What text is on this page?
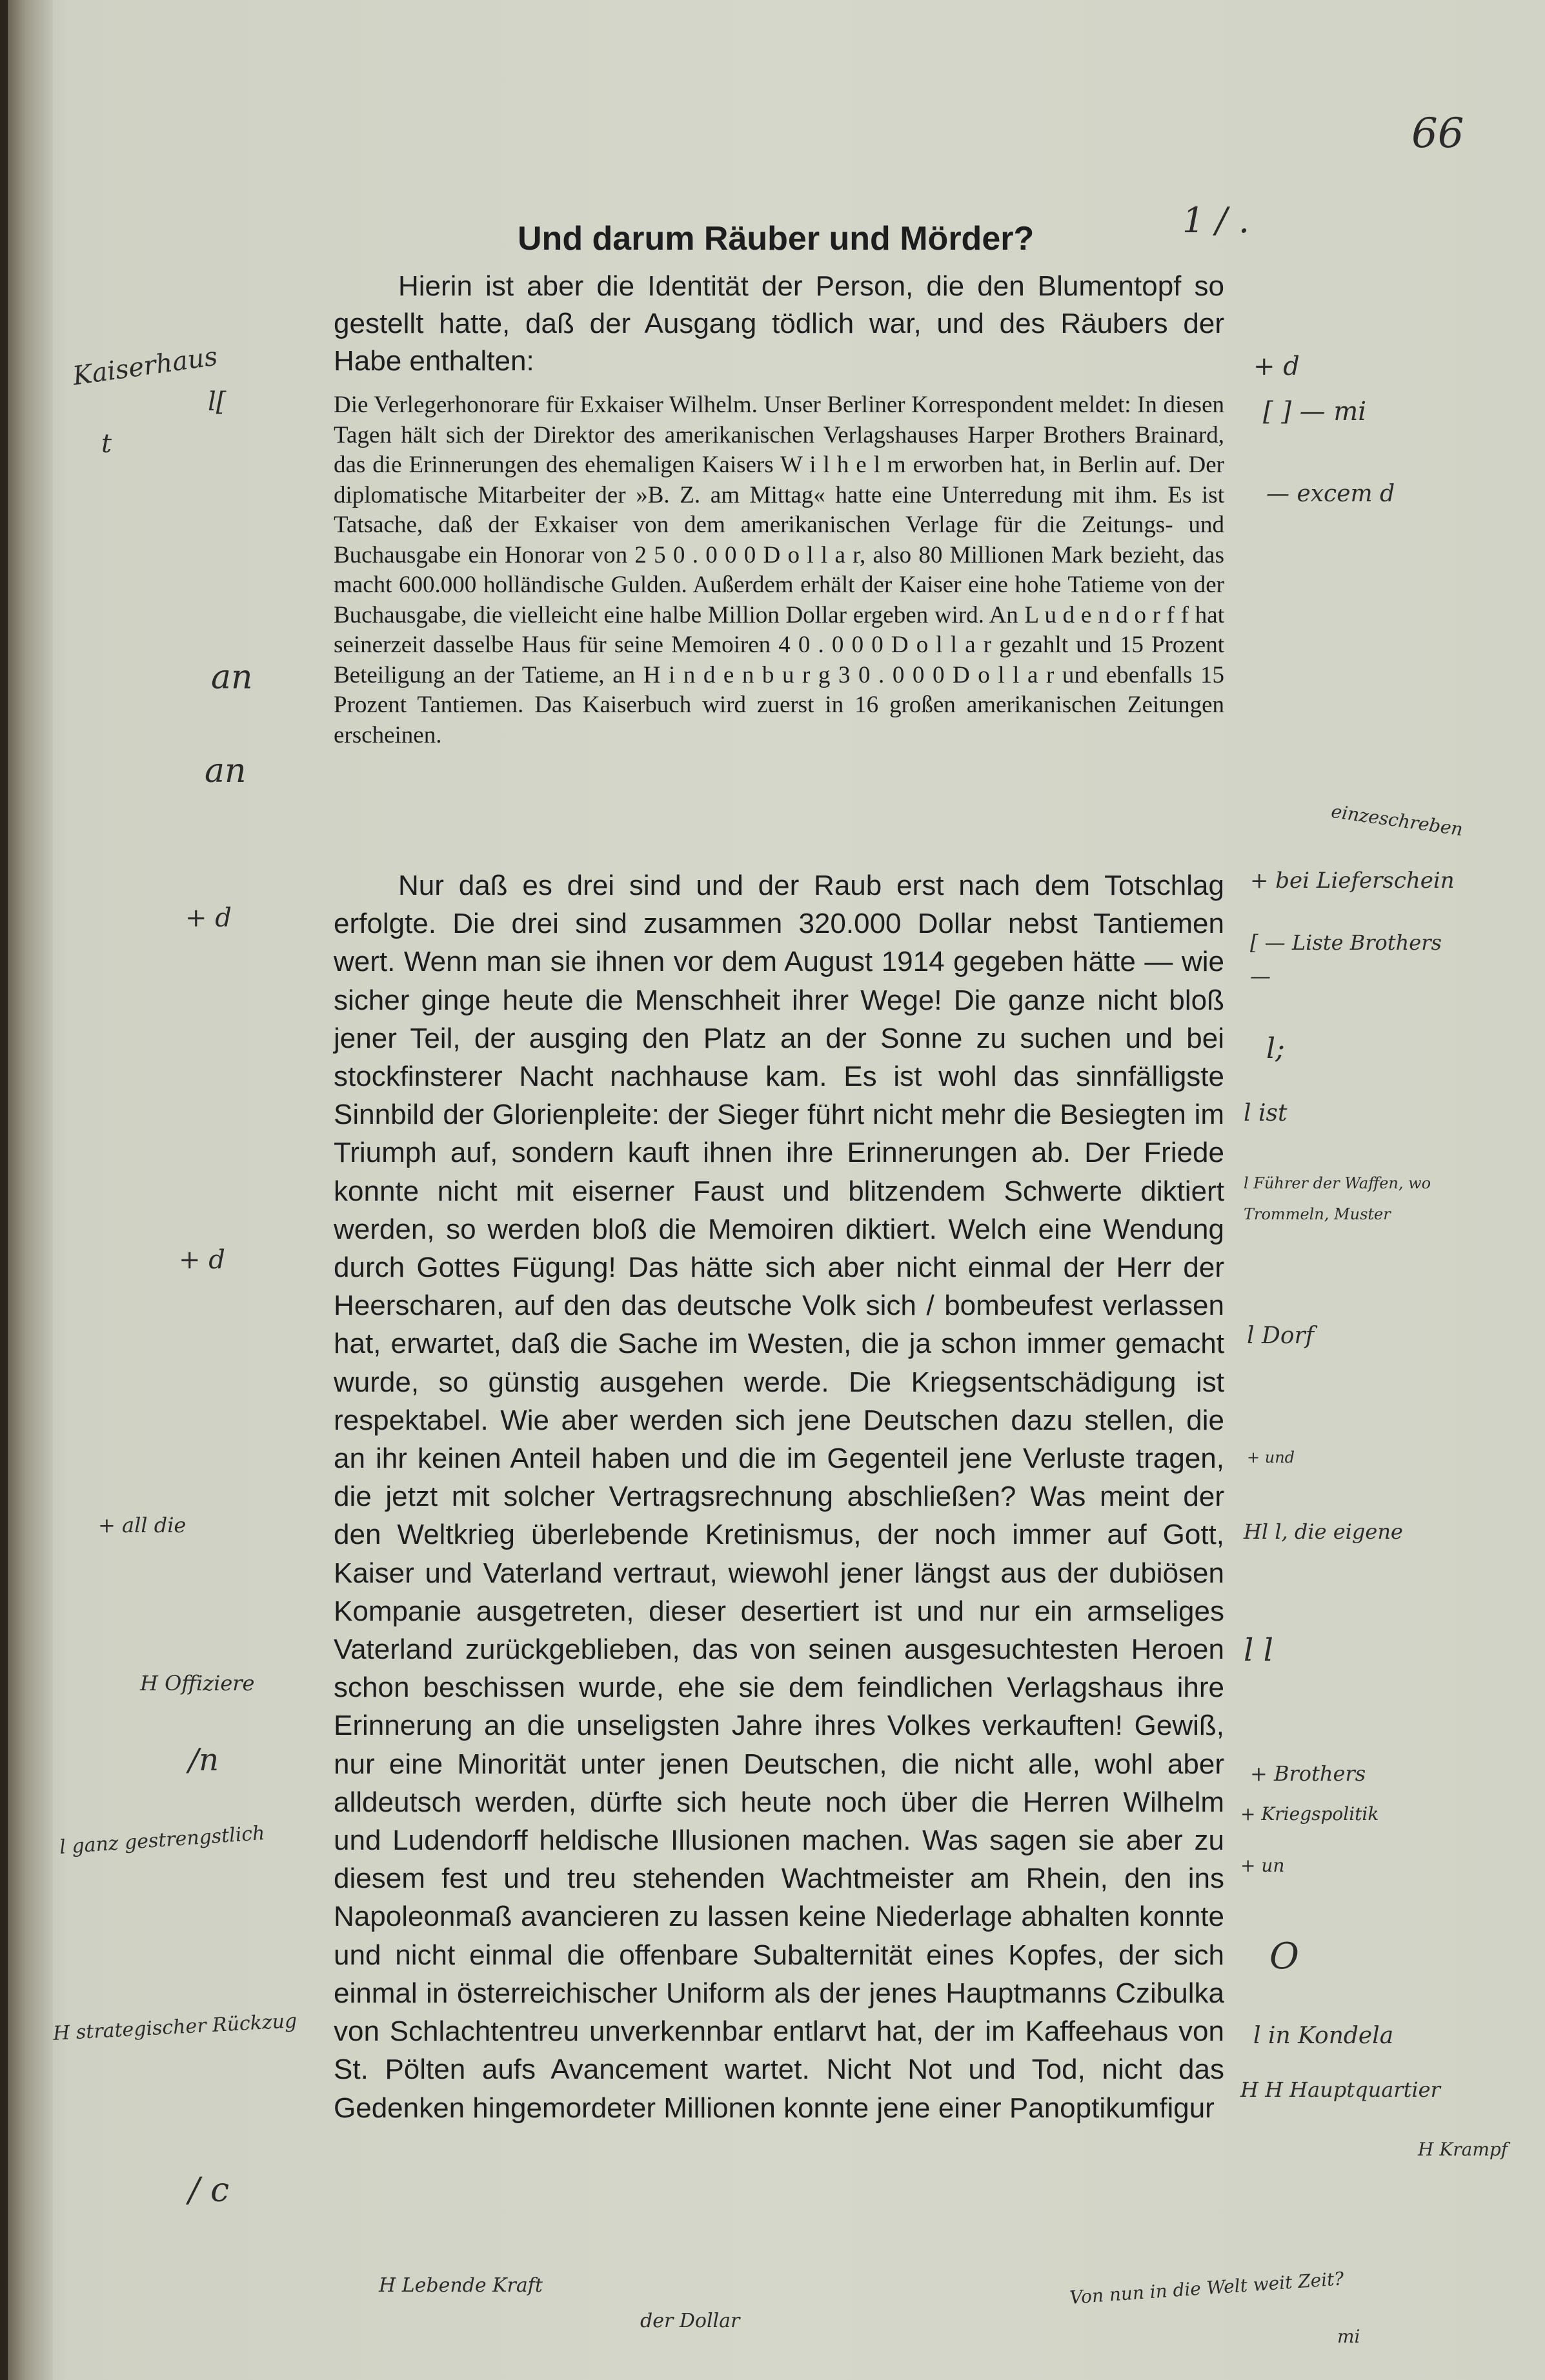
66
Und darum Räuber und Mörder?

Hierin ist aber die Identität der Person, die den Blumentopf so gestellt hatte, daß der Ausgang tödlich war, und des Räubers der Habe enthalten:

Die Verlegerhonorare für Exkaiser Wilhelm. Unser Berliner Korrespondent meldet: In diesen Tagen hält sich der Direktor des amerikanischen Verlagshauses Harper Brothers Brainard, das die Erinnerungen des ehemaligen Kaisers W i l h e l m erworben hat, in Berlin auf. Der diplomatische Mitarbeiter der »B. Z. am Mittag« hatte eine Unterredung mit ihm. Es ist Tatsache, daß der Exkaiser von dem amerikanischen Verlage für die Zeitungs- und Buchausgabe ein Honorar von 2 5 0 . 0 0 0 D o l l a r, also 80 Millionen Mark bezieht, das macht 600.000 holländische Gulden. Außerdem erhält der Kaiser eine hohe Tatieme von der Buchausgabe, die vielleicht eine halbe Million Dollar ergeben wird. An L u d e n d o r f f hat seinerzeit dasselbe Haus für seine Memoiren 4 0 . 0 0 0 D o l l a r gezahlt und 15 Prozent Beteiligung an der Tatieme, an H i n d e n b u r g 3 0 . 0 0 0 D o l l a r und ebenfalls 15 Prozent Tantiemen. Das Kaiserbuch wird zuerst in 16 großen amerikanischen Zeitungen erscheinen.

Nur daß es drei sind und der Raub erst nach dem Totschlag erfolgte. Die drei sind zusammen 320.000 Dollar nebst Tantiemen wert. Wenn man sie ihnen vor dem August 1914 gegeben hätte — wie sicher ginge heute die Menschheit ihrer Wege! Die ganze nicht bloß jener Teil, der ausging den Platz an der Sonne zu suchen und bei stockfinsterer Nacht nachhause kam. Es ist wohl das sinnfälligste Sinnbild der Glorienpleite: der Sieger führt nicht mehr die Besiegten im Triumph auf, sondern kauft ihnen ihre Erinnerungen ab. Der Friede konnte nicht mit eiserner Faust und blitzendem Schwerte diktiert werden, so werden bloß die Memoiren diktiert. Welch eine Wendung durch Gottes Fügung! Das hätte sich aber nicht einmal der Herr der Heerscharen, auf den das deutsche Volk sich / bombeufest verlassen hat, erwartet, daß die Sache im Westen, die ja schon immer gemacht wurde, so günstig ausgehen werde. Die Kriegsentschädigung ist respektabel. Wie aber werden sich jene Deutschen dazu stellen, die an ihr keinen Anteil haben und die im Gegenteil jene Verluste tragen, die jetzt mit solcher Vertragsrechnung abschließen? Was meint der den Weltkrieg überlebende Kretinismus, der noch immer auf Gott, Kaiser und Vaterland vertraut, wiewohl jener längst aus der dubiösen Kompanie ausgetreten, dieser desertiert ist und nur ein armseliges Vaterland zurückgeblieben, das von seinen ausgesuchtesten Heroen schon beschissen wurde, ehe sie dem feindlichen Verlagshaus ihre Erinnerung an die unseligsten Jahre ihres Volkes verkauften! Gewiß, nur eine Minorität unter jenen Deutschen, die nicht alle, wohl aber alldeutsch werden, dürfte sich heute noch über die Herren Wilhelm und Ludendorff heldische Illusionen machen. Was sagen sie aber zu diesem fest und treu stehenden Wachtmeister am Rhein, den ins Napoleonmaß avancieren zu lassen keine Niederlage abhalten konnte und nicht einmal die offenbare Subalternität eines Kopfes, der sich einmal in österreichischer Uniform als der jenes Hauptmanns Czibulka von Schlachtentreu unverkennbar entlarvt hat, der im Kaffeehaus von St. Pölten aufs Avancement wartet. Nicht Not und Tod, nicht das Gedenken hingemordeter Millionen konnte jene einer Panoptikumfigur

Kaiserhaus
t
l[
an
an
+ d
+ d
+ all die
H Offiziere
/n
l ganz gestrengstlich
H strategischer Rückzug
/ c
1 / .
+ d
[ ] — mi
— excem d
einzeschreben
+ bei Lieferschein
[ — Liste Brothers —
l;
l ist
l Führer der Waffen, wo Trommeln, Muster
l Dorf
+ und
Hl l, die eigene
l l
+ Brothers
+ Kriegspolitik
+ un
O
l in Kondela
H H Hauptquartier
H Krampf
H Lebende Kraft
der Dollar
Von nun in die Welt weit Zeit?
mi
